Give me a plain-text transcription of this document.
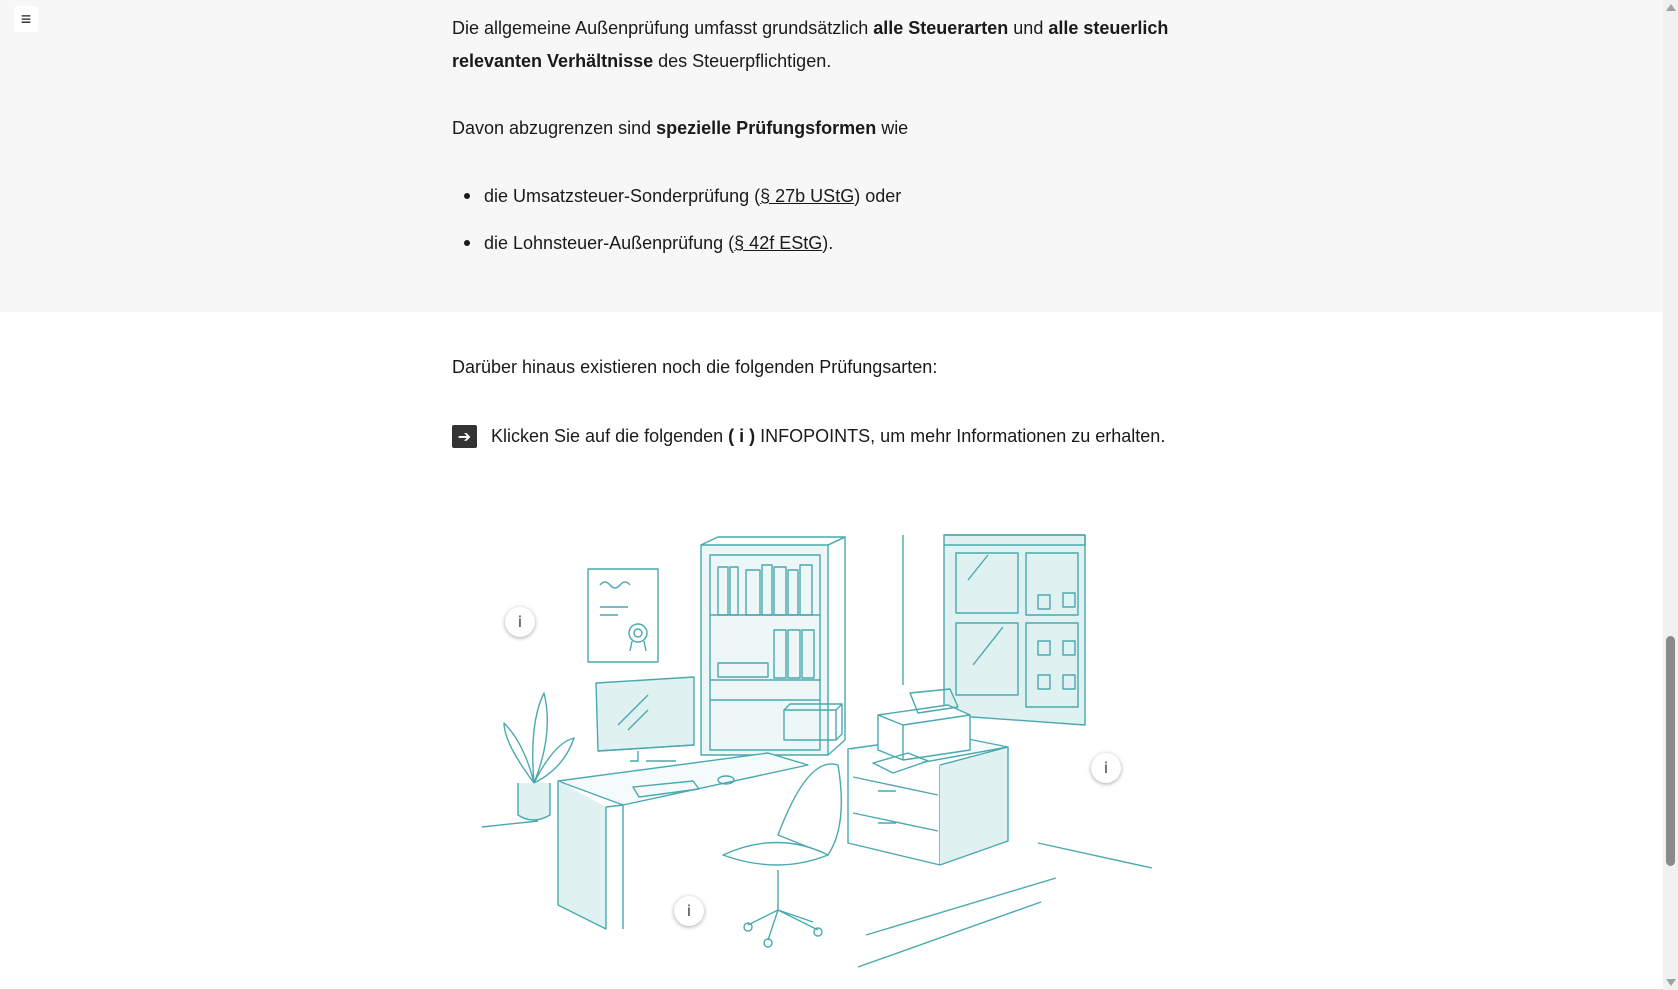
≡	Die allgemeine Außenprüfung umfasst grundsätzlich alle Steuerarten und alle steuerlich relevanten Verhältnisse des Steuerpflichtigen.
Davon abzugrenzen sind spezielle Prüfungsformen wie
die Umsatzsteuer-Sonderprüfung (§ 27b UStG) oder
die Lohnsteuer-Außenprüfung (§ 42f EStG).
Darüber hinaus existieren noch die folgenden Prüfungsarten:
➔	Klicken Sie auf die folgenden ( i ) INFOPOINTS, um mehr Informationen zu erhalten.
i
i
i
